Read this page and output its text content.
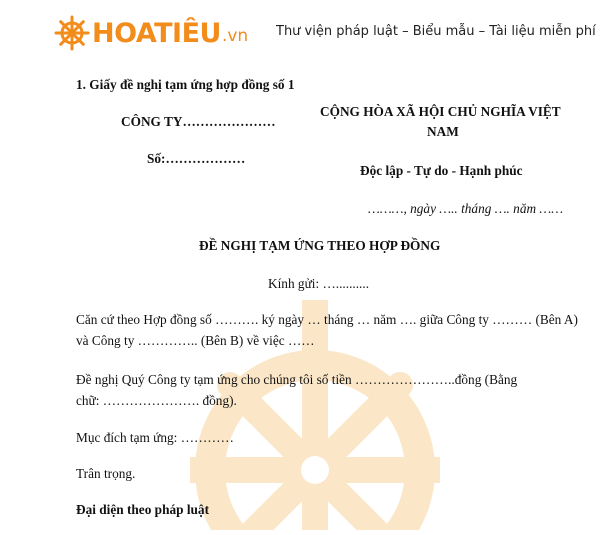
HOATIÊU .vn Thư viện pháp luật – Biểu mẫu – Tài liệu miễn phí
1. Giấy đề nghị tạm ứng hợp đồng số 1
CÔNG TY…………………
Số:………………
CỘNG HÒA XÃ HỘI CHỦ NGHĨA VIỆT
NAM
Độc lập - Tự do - Hạnh phúc
………, ngày ….. tháng …. năm ……
ĐỀ NGHỊ TẠM ỨNG THEO HỢP ĐỒNG
Kính gửi: …..........
Căn cứ theo Hợp đồng số ………. ký ngày … tháng … năm …. giữa Công ty ……… (Bên A)
và Công ty ………….. (Bên B) về việc ……
Đề nghị Quý Công ty tạm ứng cho chúng tôi số tiền …………………..đồng (Bằng
chữ: …………………. đồng).
Mục đích tạm ứng: …………
Trân trọng.
Đại diện theo pháp luật
